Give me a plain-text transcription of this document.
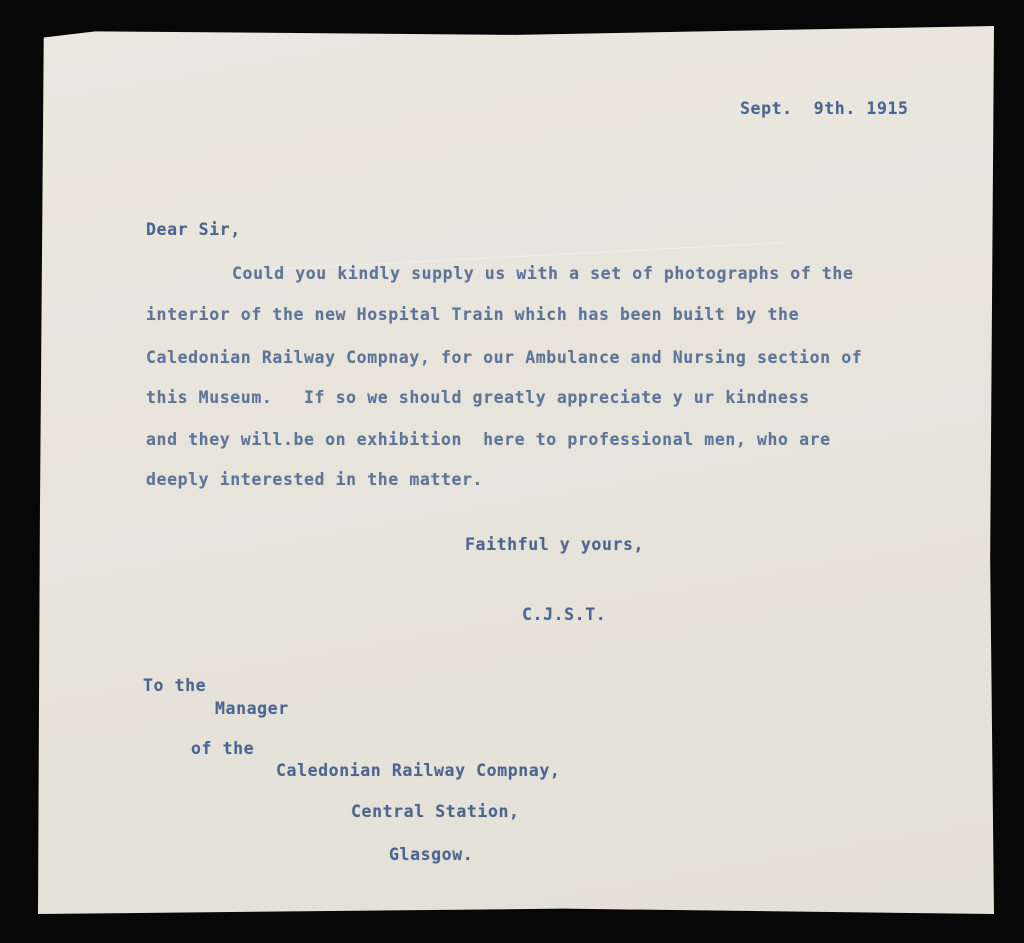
Sept.  9th. 1915
Dear Sir,
Could you kindly supply us with a set of photographs of the
interior of the new Hospital Train which has been built by the
Caledonian Railway Compnay, for our Ambulance and Nursing section of
this Museum.   If so we should greatly appreciate y ur kindness
and they will.be on exhibition  here to professional men, who are
deeply interested in the matter.
Faithful y yours,
C.J.S.T.
To the
Manager
of the
Caledonian Railway Compnay,
Central Station,
Glasgow.
